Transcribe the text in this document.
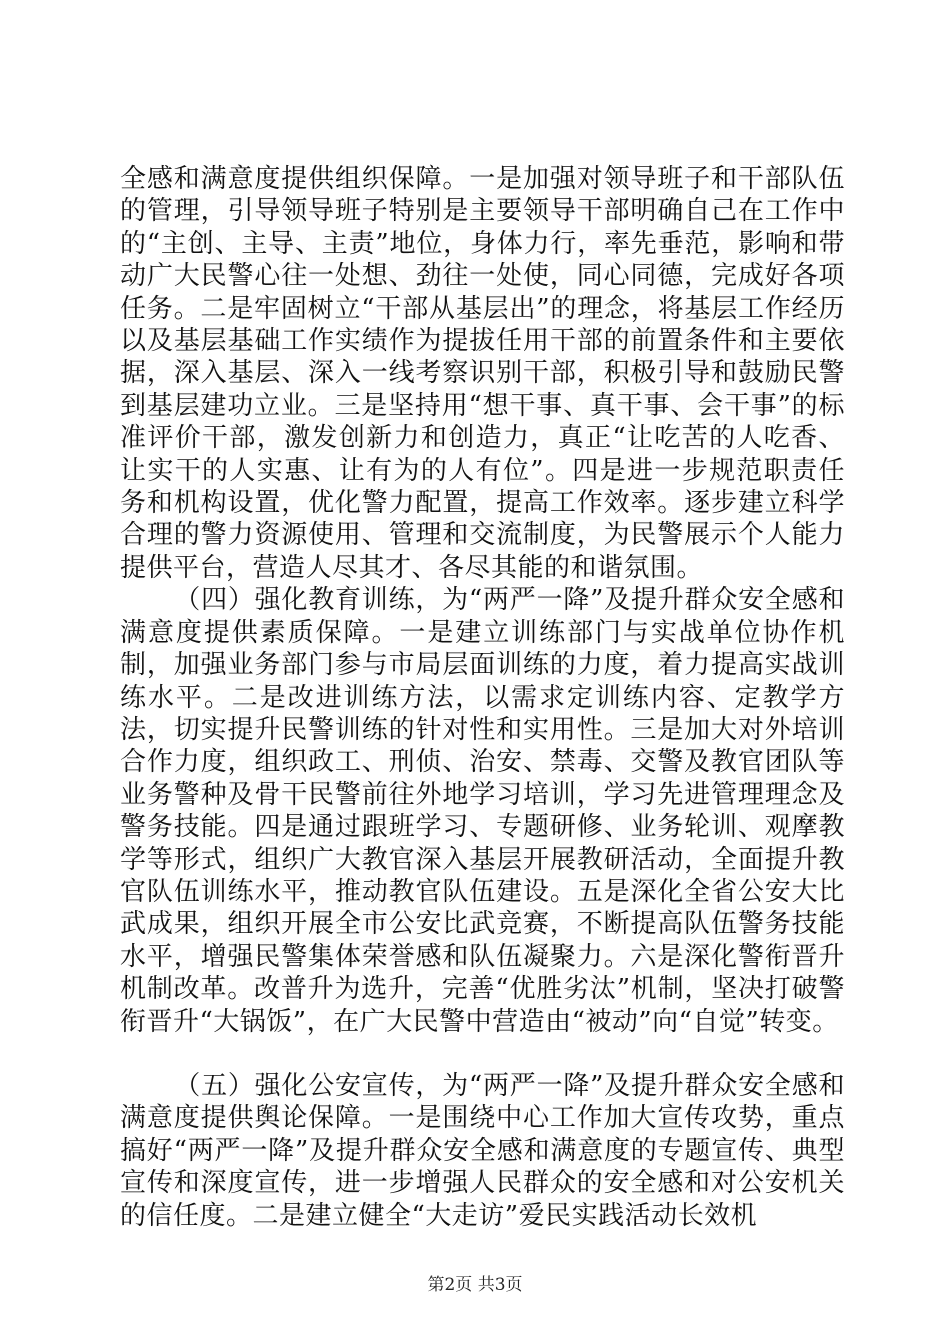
全感和满意度提供组织保障。一是加强对领导班子和干部队伍的管理，引导领导班子特别是主要领导干部明确自己在工作中的“主创、主导、主责”地位，身体力行，率先垂范，影响和带动广大民警心往一处想、劲往一处使，同心同德，完成好各项任务。二是牢固树立“干部从基层出”的理念，将基层工作经历以及基层基础工作实绩作为提拔任用干部的前置条件和主要依据，深入基层、深入一线考察识别干部，积极引导和鼓励民警到基层建功立业。三是坚持用“想干事、真干事、会干事”的标准评价干部，激发创新力和创造力，真正“让吃苦的人吃香、让实干的人实惠、让有为的人有位”。四是进一步规范职责任务和机构设置，优化警力配置，提高工作效率。逐步建立科学合理的警力资源使用、管理和交流制度，为民警展示个人能力提供平台，营造人尽其才、各尽其能的和谐氛围。

（四）强化教育训练，为“两严一降”及提升群众安全感和满意度提供素质保障。一是建立训练部门与实战单位协作机制，加强业务部门参与市局层面训练的力度，着力提高实战训练水平。二是改进训练方法，以需求定训练内容、定教学方法，切实提升民警训练的针对性和实用性。三是加大对外培训合作力度，组织政工、刑侦、治安、禁毒、交警及教官团队等业务警种及骨干民警前往外地学习培训，学习先进管理理念及警务技能。四是通过跟班学习、专题研修、业务轮训、观摩教学等形式，组织广大教官深入基层开展教研活动，全面提升教官队伍训练水平，推动教官队伍建设。五是深化全省公安大比武成果，组织开展全市公安比武竞赛，不断提高队伍警务技能水平，增强民警集体荣誉感和队伍凝聚力。六是深化警衔晋升机制改革。改普升为选升，完善“优胜劣汰”机制，坚决打破警衔晋升“大锅饭”，在广大民警中营造由“被动”向“自觉”转变。

（五）强化公安宣传，为“两严一降”及提升群众安全感和满意度提供舆论保障。一是围绕中心工作加大宣传攻势，重点搞好“两严一降”及提升群众安全感和满意度的专题宣传、典型宣传和深度宣传，进一步增强人民群众的安全感和对公安机关的信任度。二是建立健全“大走访”爱民实践活动长效机

第2页 共3页
